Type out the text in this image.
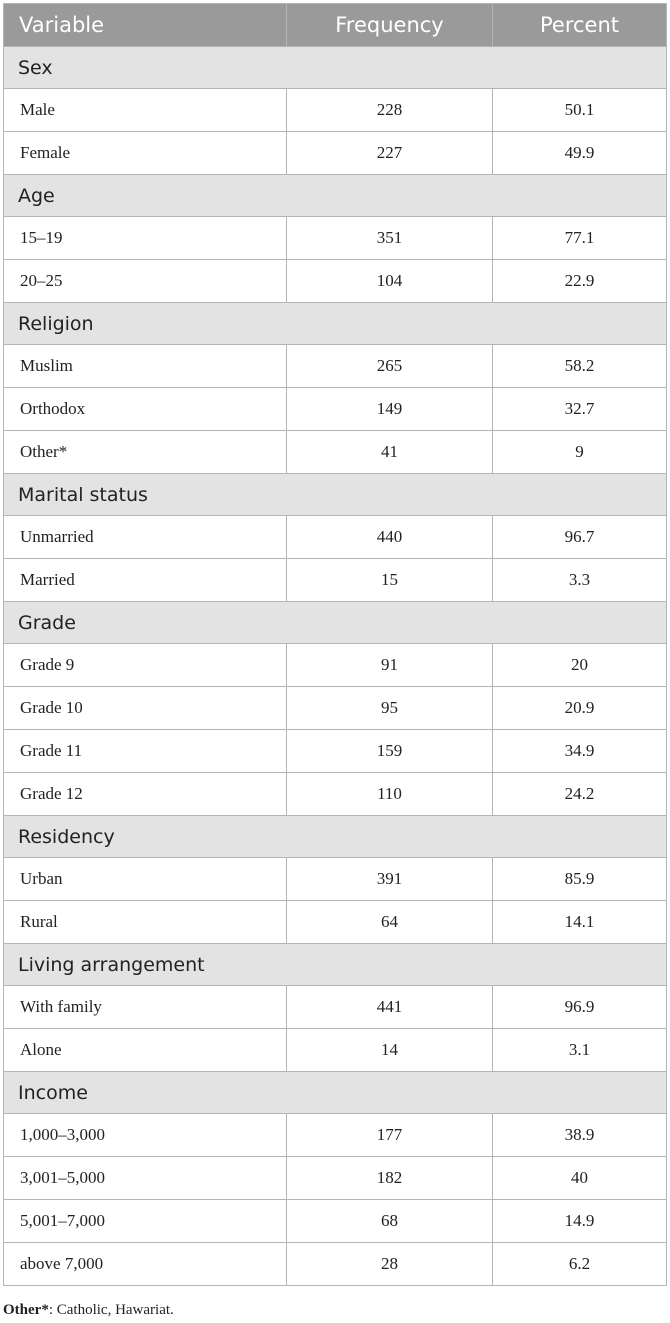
Variable	Frequency	Percent
Sex		
Male	228	50.1
Female	227	49.9
Age		
15–19	351	77.1
20–25	104	22.9
Religion		
Muslim	265	58.2
Orthodox	149	32.7
Other*	41	9
Marital status		
Unmarried	440	96.7
Married	15	3.3
Grade		
Grade 9	91	20
Grade 10	95	20.9
Grade 11	159	34.9
Grade 12	110	24.2
Residency		
Urban	391	85.9
Rural	64	14.1
Living arrangement		
With family	441	96.9
Alone	14	3.1
Income		
1,000–3,000	177	38.9
3,001–5,000	182	40
5,001–7,000	68	14.9
above 7,000	28	6.2
Other*: Catholic, Hawariat.
